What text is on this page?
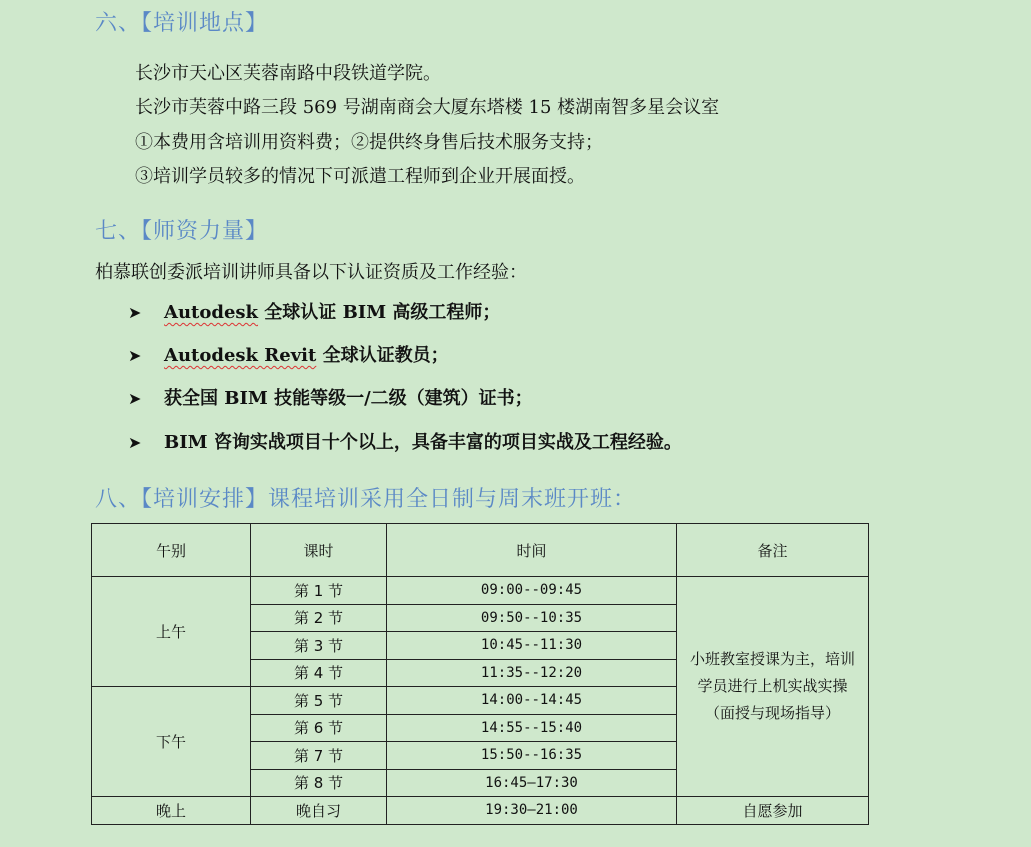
六、【培训地点】
长沙市天心区芙蓉南路中段铁道学院。
长沙市芙蓉中路三段 569 号湖南商会大厦东塔楼 15 楼湖南智多星会议室
①本费用含培训用资料费；②提供终身售后技术服务支持；
③培训学员较多的情况下可派遣工程师到企业开展面授。
七、【师资力量】
柏慕联创委派培训讲师具备以下认证资质及工作经验：
➤ Autodesk 全球认证 BIM 高级工程师；
➤ Autodesk Revit 全球认证教员；
➤ 获全国 BIM 技能等级一/二级（建筑）证书；
➤ BIM 咨询实战项目十个以上，具备丰富的项目实战及工程经验。
八、【培训安排】课程培训采用全日制与周末班开班：
午别	课时	时间	备注
上午	第 1 节	09:00--09:45	小班教室授课为主，培训学员进行上机实战实操（面授与现场指导）
	第 2 节	09:50--10:35	
	第 3 节	10:45--11:30	
	第 4 节	11:35--12:20	
下午	第 5 节	14:00--14:45	
	第 6 节	14:55--15:40	
	第 7 节	15:50--16:35	
	第 8 节	16:45—17:30	
晚上	晚自习	19:30—21:00	自愿参加
